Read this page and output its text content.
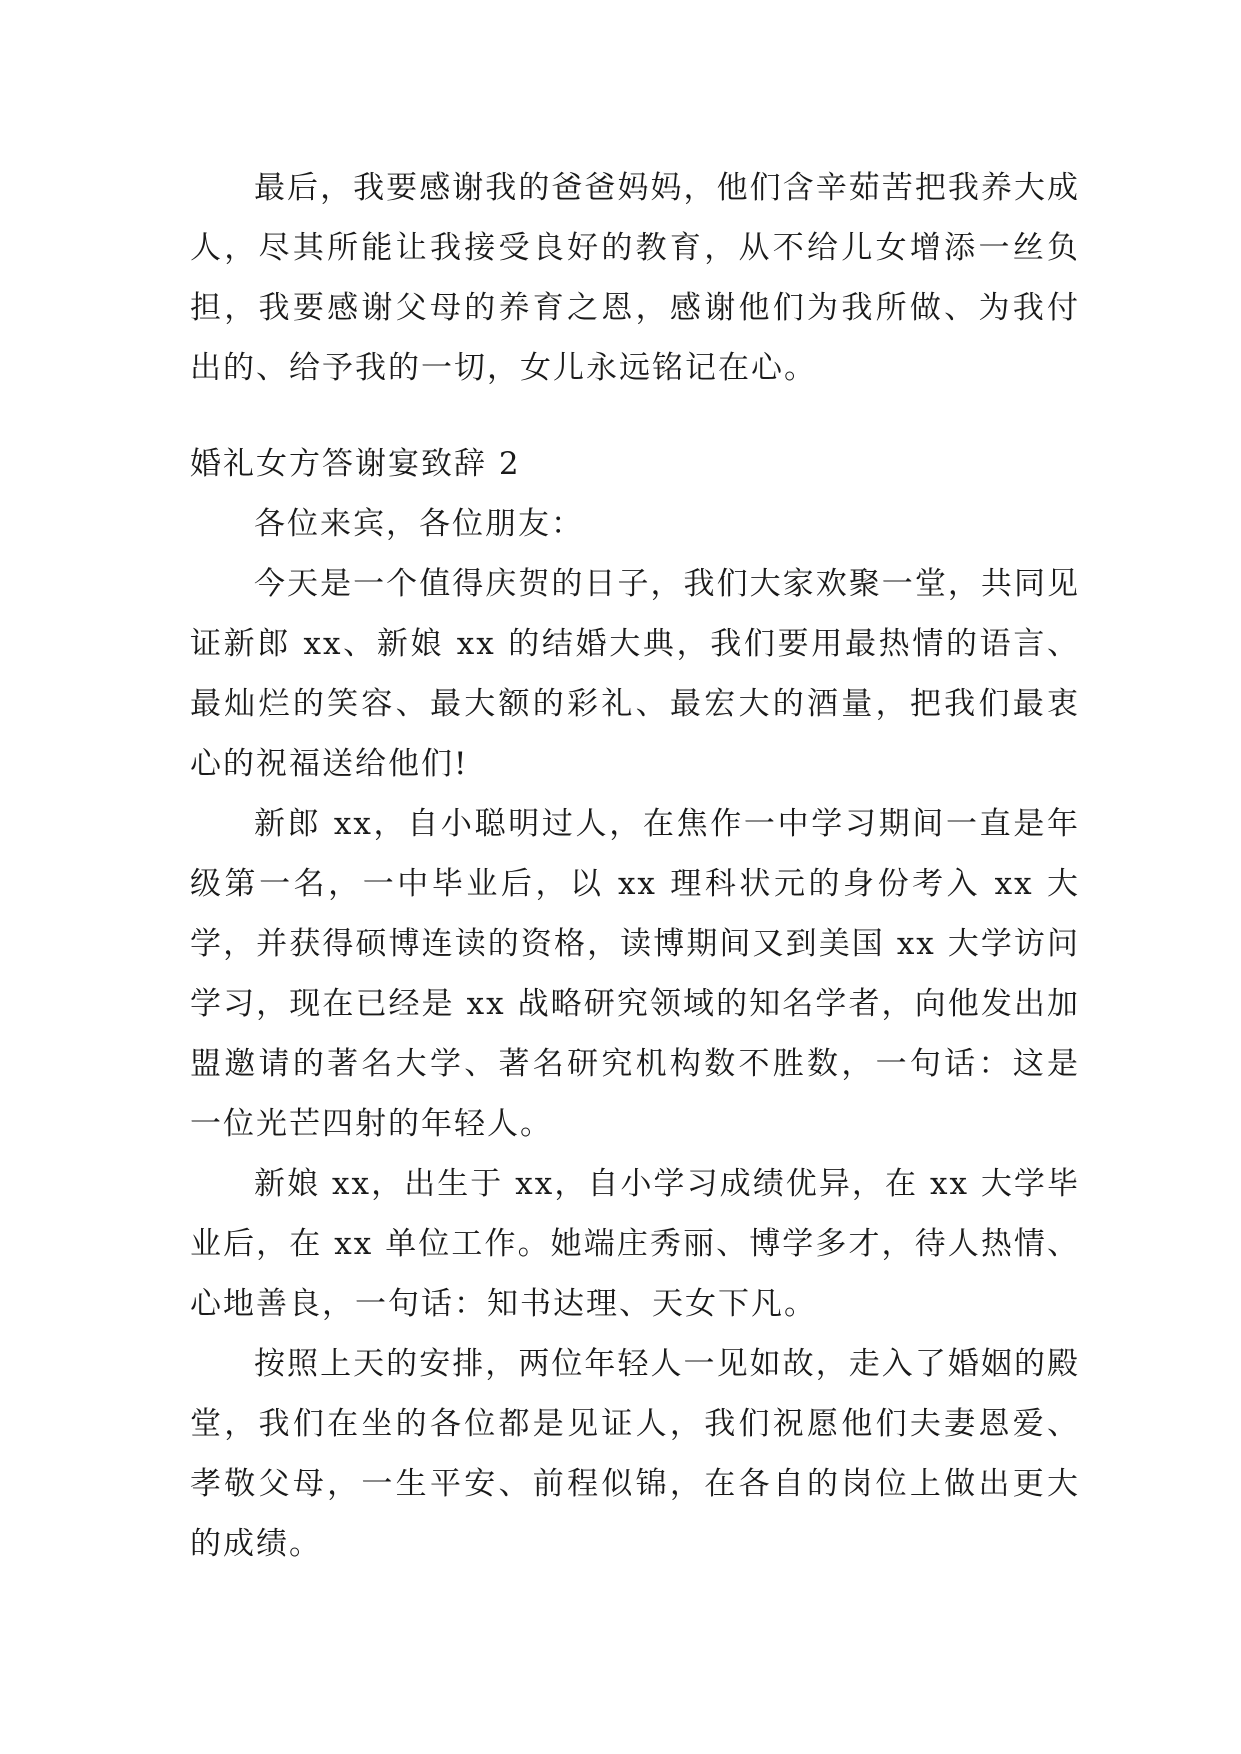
最后，我要感谢我的爸爸妈妈，他们含辛茹苦把我养大成人，尽其所能让我接受良好的教育，从不给儿女增添一丝负担，我要感谢父母的养育之恩，感谢他们为我所做、为我付出的、给予我的一切，女儿永远铭记在心。

婚礼女方答谢宴致辞 2

各位来宾，各位朋友：

今天是一个值得庆贺的日子，我们大家欢聚一堂，共同见证新郎 xx、新娘 xx 的结婚大典，我们要用最热情的语言、最灿烂的笑容、最大额的彩礼、最宏大的酒量，把我们最衷心的祝福送给他们!

新郎 xx，自小聪明过人，在焦作一中学习期间一直是年级第一名，一中毕业后，以 xx 理科状元的身份考入 xx 大学，并获得硕博连读的资格，读博期间又到美国 xx 大学访问学习，现在已经是 xx 战略研究领域的知名学者，向他发出加盟邀请的著名大学、著名研究机构数不胜数，一句话：这是一位光芒四射的年轻人。

新娘 xx，出生于 xx，自小学习成绩优异，在 xx 大学毕业后，在 xx 单位工作。她端庄秀丽、博学多才，待人热情、心地善良，一句话：知书达理、天女下凡。

按照上天的安排，两位年轻人一见如故，走入了婚姻的殿堂，我们在坐的各位都是见证人，我们祝愿他们夫妻恩爱、孝敬父母，一生平安、前程似锦，在各自的岗位上做出更大的成绩。
